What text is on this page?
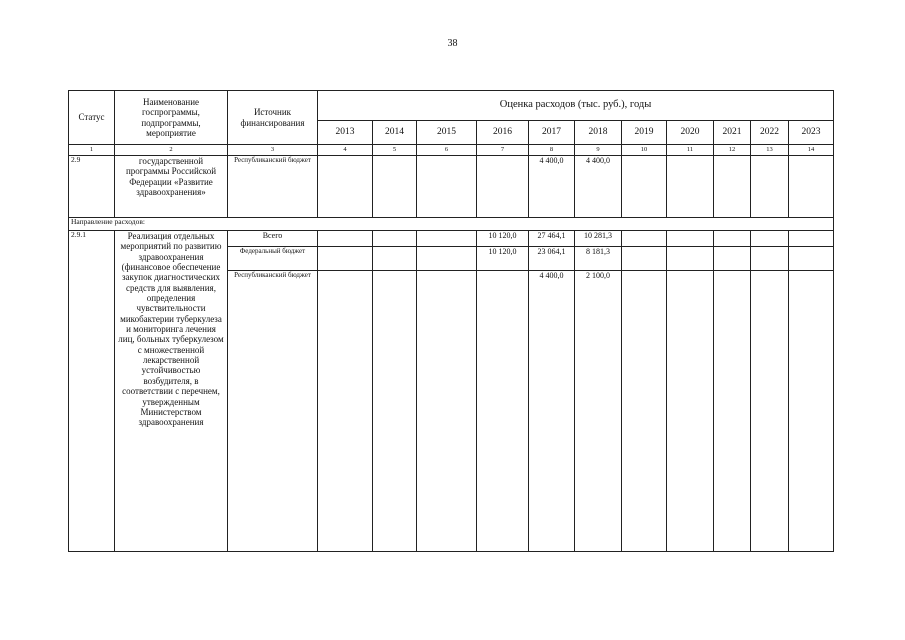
38
Статус	Наименование госпрограммы, подпрограммы, мероприятие	Источник финансирования	Оценка расходов (тыс. руб.), годы										
			2013	2014	2015	2016	2017	2018	2019	2020	2021	2022	2023
1	2	3	4	5	6	7	8	9	10	11	12	13	14
2.9	государственной программы Российской Федерации «Развитие здравоохранения»	Республиканский бюджет					4 400,0	4 400,0					
Направление расходов:													
2.9.1	Реализация отдельных мероприятий по развитию здравоохранения (финансовое обеспечение закупок диагностических средств для выявления, определения чувствительности микобактерии туберкулеза и мониторинга лечения лиц, больных туберкулезом с множественной лекарственной устойчивостью возбудителя, в соответствии с перечнем, утвержденным Министерством здравоохранения	Всего				10 120,0	27 464,1	10 281,3					
		Федеральный бюджет				10 120,0	23 064,1	8 181,3					
		Республиканский бюджет					4 400,0	2 100,0					
